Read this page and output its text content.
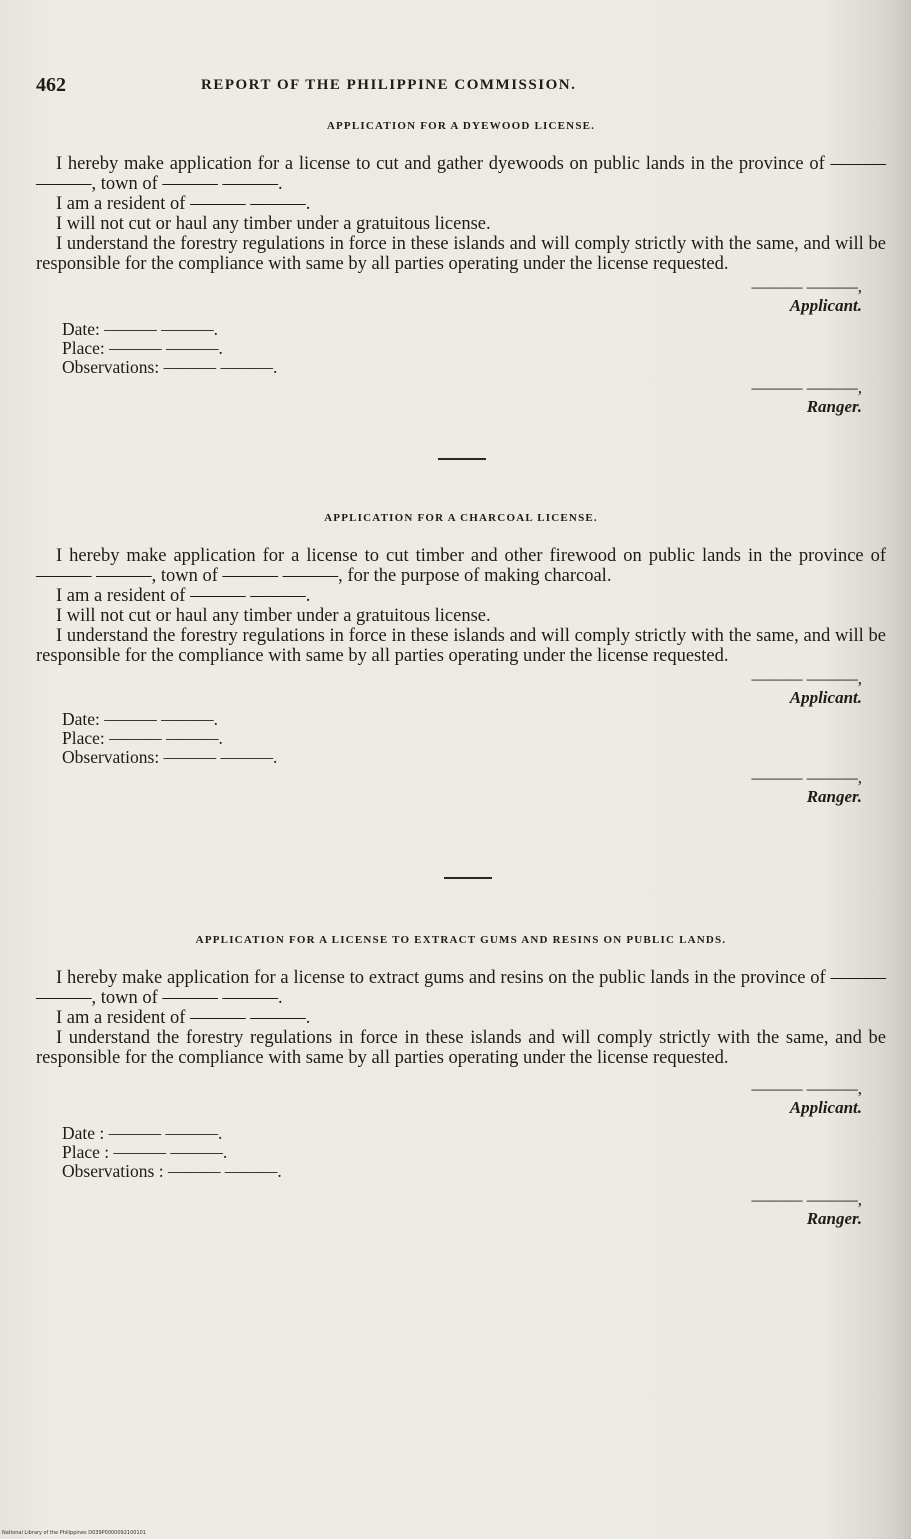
462	REPORT OF THE PHILIPPINE COMMISSION.
APPLICATION FOR A DYEWOOD LICENSE.

I hereby make application for a license to cut and gather dyewoods on public lands in the province of ——— ———, town of ——— ———.

I am a resident of ——— ———.

I will not cut or haul any timber under a gratuitous license.

I understand the forestry regulations in force in these islands and will comply strictly with the same, and will be responsible for the compliance with same by all parties operating under the license requested.

——— ———,
Applicant.
Date: ——— ———.
Place: ——— ———.
Observations: ——— ———.
——— ———,
Ranger.
APPLICATION FOR A CHARCOAL LICENSE.

I hereby make application for a license to cut timber and other firewood on public lands in the province of ——— ———, town of ——— ———, for the purpose of making charcoal.

I am a resident of ——— ———.

I will not cut or haul any timber under a gratuitous license.

I understand the forestry regulations in force in these islands and will comply strictly with the same, and will be responsible for the compliance with same by all parties operating under the license requested.

——— ———,
Applicant.
Date: ——— ———.
Place: ——— ———.
Observations: ——— ———.
——— ———,
Ranger.
APPLICATION FOR A LICENSE TO EXTRACT GUMS AND RESINS ON PUBLIC LANDS.

I hereby make application for a license to extract gums and resins on the public lands in the province of ——— ———, town of ——— ———.

I am a resident of ——— ———.

I understand the forestry regulations in force in these islands and will comply strictly with the same, and be responsible for the compliance with same by all parties operating under the license requested.

——— ———,
Applicant.
Date : ——— ———.
Place : ——— ———.
Observations : ——— ———.
——— ———,
Ranger.
National Library of the Philippines D039P0000092100101
